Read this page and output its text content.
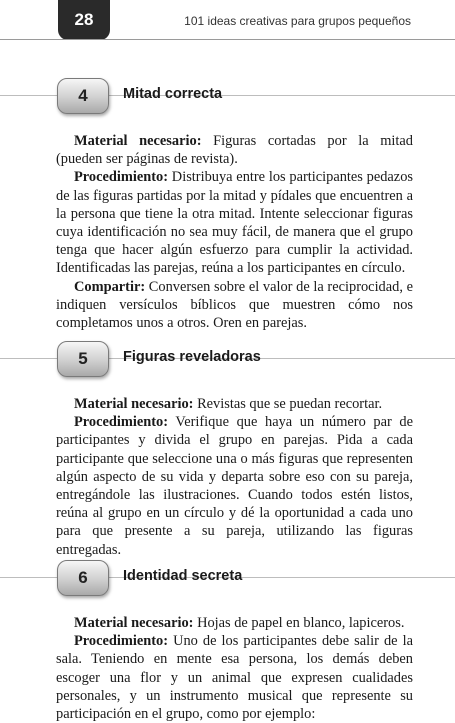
28	101 ideas creativas para grupos pequeños
4	Mitad correcta

Material necesario: Figuras cortadas por la mitad (pueden ser páginas de revista).

Procedimiento: Distribuya entre los participantes pedazos de las figuras partidas por la mitad y pídales que encuentren a la persona que tiene la otra mitad. Intente seleccionar figuras cuya identificación no sea muy fácil, de manera que el grupo tenga que hacer algún esfuerzo para cumplir la actividad. Identificadas las parejas, reúna a los participantes en círculo.

Compartir: Conversen sobre el valor de la reciprocidad, e indiquen versículos bíblicos que muestren cómo nos completamos unos a otros. Oren en parejas.

5	Figuras reveladoras

Material necesario: Revistas que se puedan recortar.

Procedimiento: Verifique que haya un número par de participantes y divida el grupo en parejas. Pida a cada participante que seleccione una o más figuras que representen algún aspecto de su vida y departa sobre eso con su pareja, entregándole las ilustraciones. Cuando todos estén listos, reúna al grupo en un círculo y dé la oportunidad a cada uno para que presente a su pareja, utilizando las figuras entregadas.

6	Identidad secreta

Material necesario: Hojas de papel en blanco, lapiceros.

Procedimiento: Uno de los participantes debe salir de la sala. Teniendo en mente esa persona, los demás deben escoger una flor y un animal que expresen cualidades personales, y un instrumento musical que represente su participación en el grupo, como por ejemplo:
